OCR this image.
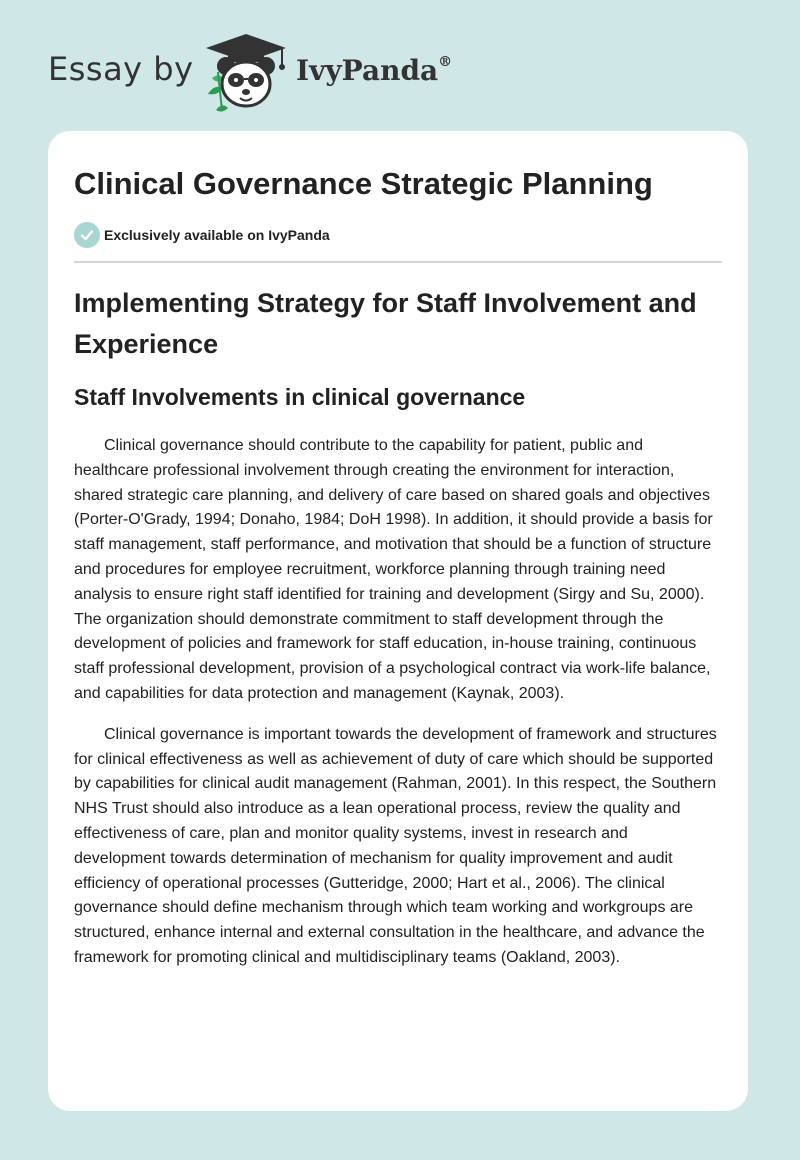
Essay by	IvyPanda®
Clinical Governance Strategic Planning
Exclusively available on IvyPanda
Implementing Strategy for Staff Involvement and Experience
Staff Involvements in clinical governance

Clinical governance should contribute to the capability for patient, public and healthcare professional involvement through creating the environment for interaction, shared strategic care planning, and delivery of care based on shared goals and objectives (Porter-O'Grady, 1994; Donaho, 1984; DoH 1998). In addition, it should provide a basis for staff management, staff performance, and motivation that should be a function of structure and procedures for employee recruitment, workforce planning through training need analysis to ensure right staff identified for training and development (Sirgy and Su, 2000). The organization should demonstrate commitment to staff development through the development of policies and framework for staff education, in-house training, continuous staff professional development, provision of a psychological contract via work-life balance, and capabilities for data protection and management (Kaynak, 2003).

Clinical governance is important towards the development of framework and structures for clinical effectiveness as well as achievement of duty of care which should be supported by capabilities for clinical audit management (Rahman, 2001). In this respect, the Southern NHS Trust should also introduce as a lean operational process, review the quality and effectiveness of care, plan and monitor quality systems, invest in research and development towards determination of mechanism for quality improvement and audit efficiency of operational processes (Gutteridge, 2000; Hart et al., 2006). The clinical governance should define mechanism through which team working and workgroups are structured, enhance internal and external consultation in the healthcare, and advance the framework for promoting clinical and multidisciplinary teams (Oakland, 2003).
